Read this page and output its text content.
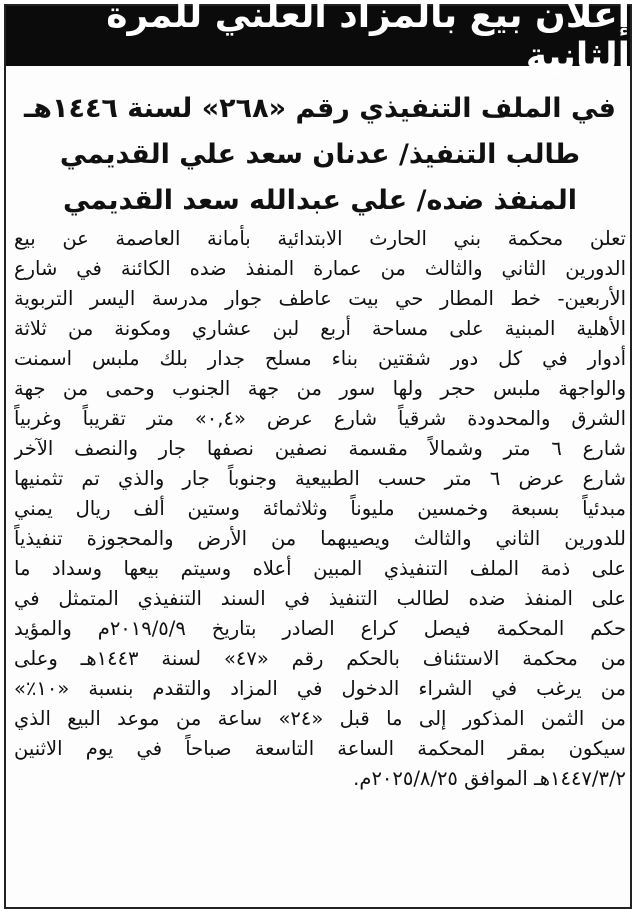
إعلان بيع بالمزاد العلني للمرة الثانية
في الملف التنفيذي رقم «٢٦٨» لسنة ١٤٤٦هـ
طالب التنفيذ/ عدنان سعد علي القديمي
المنفذ ضده/ علي عبدالله سعد القديمي
تعلن محكمة بني الحارث الابتدائية بأمانة العاصمة عن بيع
الدورين الثاني والثالث من عمارة المنفذ ضده الكائنة في شارع
الأربعين- خط المطار حي بيت عاطف جوار مدرسة اليسر التربوية
الأهلية المبنية على مساحة أربع لبن عشاري ومكونة من ثلاثة
أدوار في كل دور شقتين بناء مسلح جدار بلك ملبس اسمنت
والواجهة ملبس حجر ولها سور من جهة الجنوب وحمى من جهة
الشرق والمحدودة شرقياً شارع عرض «٠,٤» متر تقريباً وغربياً
شارع ٦ متر وشمالاً مقسمة نصفين نصفها جار والنصف الآخر
شارع عرض ٦ متر حسب الطبيعية وجنوباً جار والذي تم تثمنيها
مبدئياً بسبعة وخمسين مليوناً وثلاثمائة وستين ألف ريال يمني
للدورين الثاني والثالث ويصيبهما من الأرض والمحجوزة تنفيذياً
على ذمة الملف التنفيذي المبين أعلاه وسيتم بيعها وسداد ما
على المنفذ ضده لطالب التنفيذ في السند التنفيذي المتمثل في
حكم المحكمة فيصل كراع الصادر بتاريخ ٢٠١٩/٥/٩م والمؤيد
من محكمة الاستئناف بالحكم رقم «٤٧» لسنة ١٤٤٣هـ وعلى
من يرغب في الشراء الدخول في المزاد والتقدم بنسبة «١٠٪»
من الثمن المذكور إلى ما قبل «٢٤» ساعة من موعد البيع الذي
سيكون بمقر المحكمة الساعة التاسعة صباحاً في يوم الاثنين
١٤٤٧/٣/٢هـ الموافق ٢٠٢٥/٨/٢٥م.
